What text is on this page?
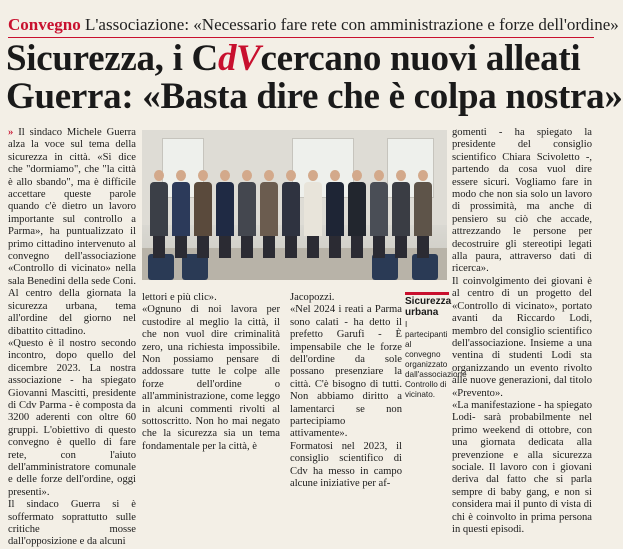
Convegno L'associazione: «Necessario fare rete con amministrazione e forze dell'ordine»
Sicurezza, i CdVcercano nuovi alleati
Guerra: «Basta dire che è colpa nostra»

» Il sindaco Michele Guerra alza la voce sul tema della sicurezza in città. «Si dice che "dormiamo", che "la città è allo sbando", ma è difficile accettare queste parole quando c'è dietro un lavoro importante sul controllo a Parma», ha puntualizzato il primo cittadino intervenuto al convegno dell'associazione «Controllo di vicinato» nella sala Benedini della sede Coni. Al centro della giornata la sicurezza urbana, tema all'ordine del giorno nel dibattito cittadino.

«Questo è il nostro secondo incontro, dopo quello del dicembre 2023. La nostra associazione - ha spiegato Giovanni Mascitti, presidente di Cdv Parma - è composta da 3200 aderenti con oltre 60 gruppi. L'obiettivo di questo convegno è quello di fare rete, con l'aiuto dell'amministratore comunale e delle forze dell'ordine, oggi presenti».

Il sindaco Guerra si è soffermato soprattutto sulle critiche mosse dall'opposizione e da alcuni

lettori e più clic».

«Ognuno di noi lavora per custodire al meglio la città, il che non vuol dire criminalità zero, una richiesta impossibile. Non possiamo pensare di addossare tutte le colpe alle forze dell'ordine o all'amministrazione, come leggo in alcuni commenti rivolti al sottoscritto. Non ho mai negato che la sicurezza sia un tema fondamentale per la città, è

Jacopozzi.

«Nel 2024 i reati a Parma sono calati - ha detto il prefetto Garufi - È impensabile che le forze dell'ordine da sole possano presenziare la città. C'è bisogno di tutti. Non abbiamo diritto a lamentarci se non partecipiamo attivamente».

Formatosi nel 2023, il consiglio scientifico di Cdv ha messo in campo alcune iniziative per af-

Sicurezza urbana
I partecipanti al convegno organizzato dall'associazione Controllo di vicinato.

gomenti - ha spiegato la presidente del consiglio scientifico Chiara Scivoletto -, partendo da cosa vuol dire essere sicuri. Vogliamo fare in modo che non sia solo un lavoro di prossimità, ma anche di pensiero su ciò che accade, attrezzando le persone per decostruire gli stereotipi legati alla paura, attraverso dati di ricerca».

Il coinvolgimento dei giovani è al centro di un progetto del «Controllo di vicinato», portato avanti da Riccardo Lodi, membro del consiglio scientifico dell'associazione. Insieme a una ventina di studenti Lodi sta organizzando un evento rivolto alle nuove generazioni, dal titolo «Prevento».

«La manifestazione - ha spiegato Lodi- sarà probabilmente nel primo weekend di ottobre, con una giornata dedicata alla prevenzione e alla sicurezza sociale. Il lavoro con i giovani deriva dal fatto che si parla sempre di baby gang, e non si considera mai il punto di vista di chi è coinvolto in prima persona in questi episodi.
